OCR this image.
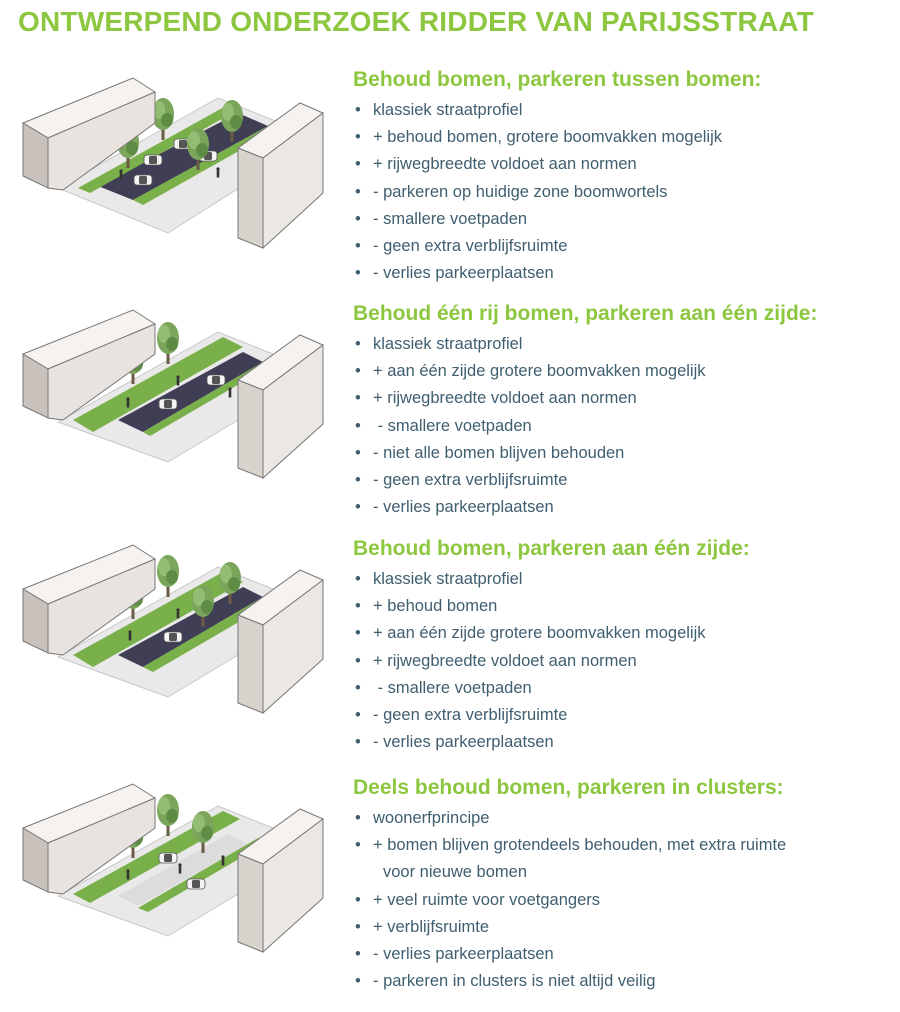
ONTWERPEND ONDERZOEK RIDDER VAN PARIJSSTRAAT
Behoud bomen, parkeren tussen bomen:
• klassiek straatprofiel
• + behoud bomen, grotere boomvakken mogelijk
• + rijwegbreedte voldoet aan normen
• - parkeren op huidige zone boomwortels
• - smallere voetpaden
• - geen extra verblijfsruimte
• - verlies parkeerplaatsen
Behoud één rij bomen, parkeren aan één zijde:
• klassiek straatprofiel
• + aan één zijde grotere boomvakken mogelijk
• + rijwegbreedte voldoet aan normen
• - smallere voetpaden
• - niet alle bomen blijven behouden
• - geen extra verblijfsruimte
• - verlies parkeerplaatsen
Behoud bomen, parkeren aan één zijde:
• klassiek straatprofiel
• + behoud bomen
• + aan één zijde grotere boomvakken mogelijk
• + rijwegbreedte voldoet aan normen
• - smallere voetpaden
• - geen extra verblijfsruimte
• - verlies parkeerplaatsen
Deels behoud bomen, parkeren in clusters:
• woonerfprincipe
• + bomen blijven grotendeels behouden, met extra ruimte
voor nieuwe bomen
• + veel ruimte voor voetgangers
• + verblijfsruimte
• - verlies parkeerplaatsen
• - parkeren in clusters is niet altijd veilig
